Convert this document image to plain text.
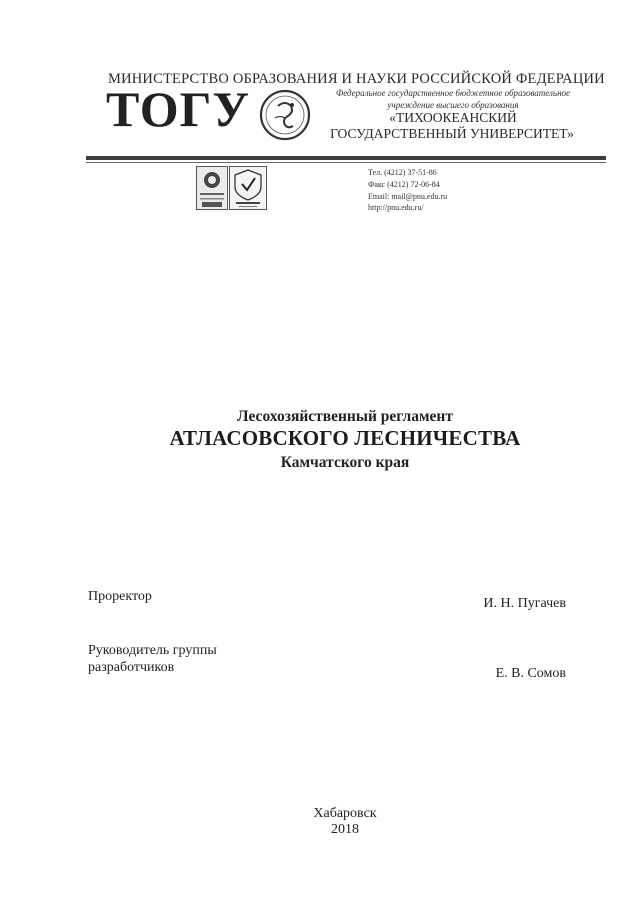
МИНИСТЕРСТВО ОБРАЗОВАНИЯ И НАУКИ РОССИЙСКОЙ ФЕДЕРАЦИИ
ТОГУ	Федеральное государственное бюджетное образовательное
учреждение высшего образования
«ТИХООКЕАНСКИЙ
ГОСУДАРСТВЕННЫЙ УНИВЕРСИТЕТ»
Тел. (4212) 37-51-86
Факс (4212) 72-06-84
Email: mail@pnu.edu.ru
http://pnu.edu.ru/
Лесохозяйственный регламент
АТЛАСОВСКОГО ЛЕСНИЧЕСТВА
Камчатского края
Проректор	И. Н. Пугачев
Руководитель группы
разработчиков	Е. В. Сомов
Хабаровск
2018
